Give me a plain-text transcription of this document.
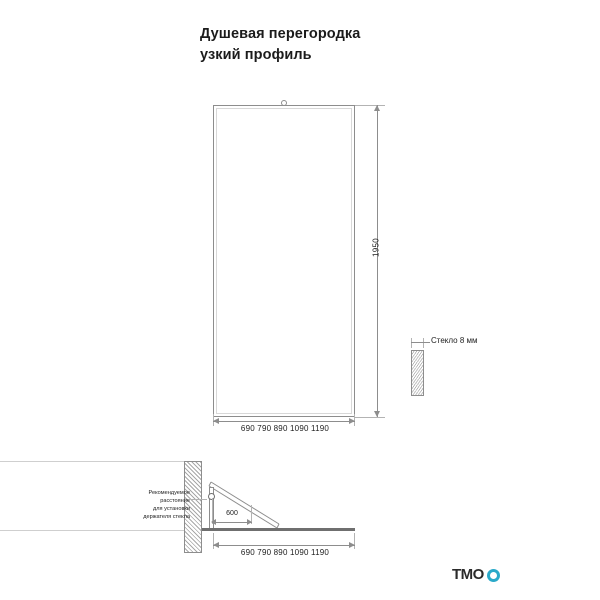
Душевая перегородка
узкий профиль
1950
690 790 890 1090 1190
Стекло 8 мм
Рекомендуемое
расстояние
для установки
держателя стекла	600
690 790 890 1090 1190
TMO
